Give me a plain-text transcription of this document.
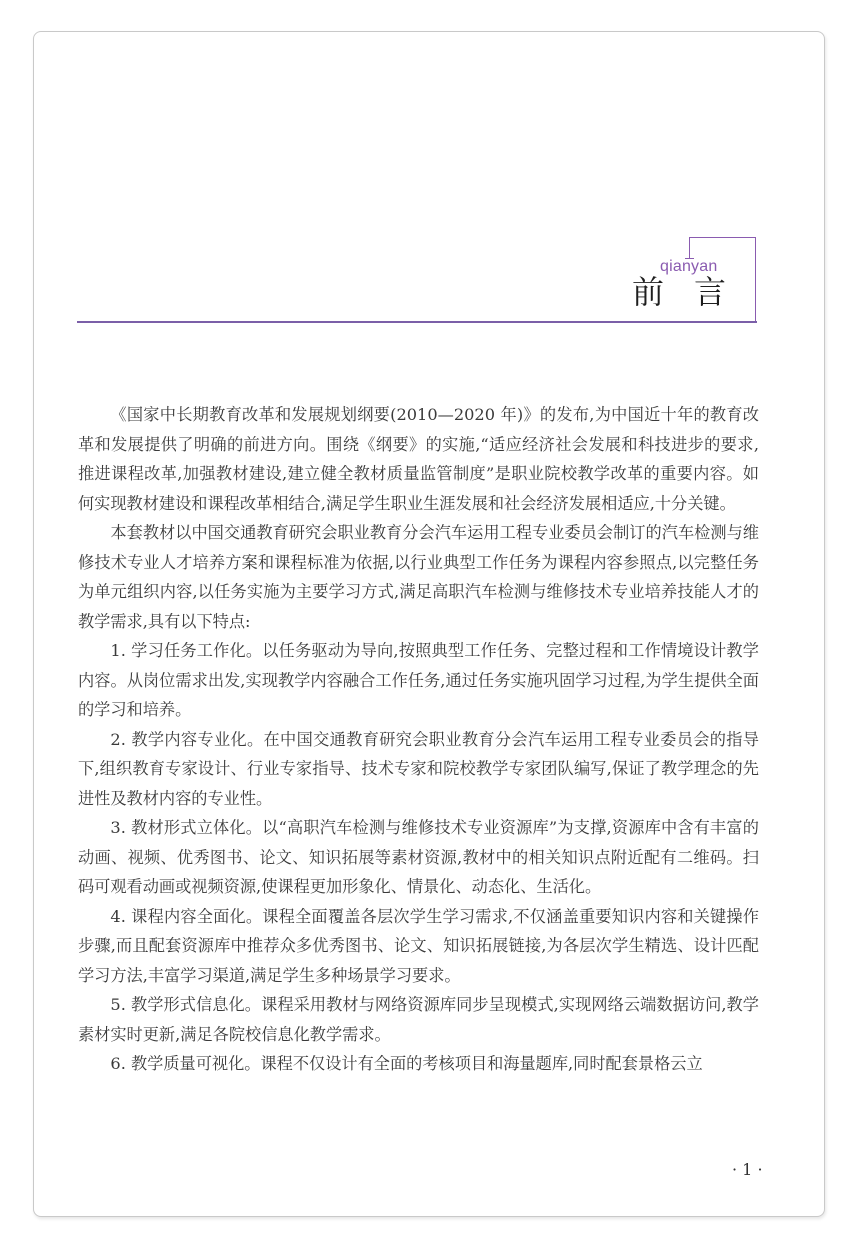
qianyan
前言

《国家中长期教育改革和发展规划纲要(2010—2020 年)》的发布,为中国近十年的教育改革和发展提供了明确的前进方向。围绕《纲要》的实施,“适应经济社会发展和科技进步的要求,推进课程改革,加强教材建设,建立健全教材质量监管制度”是职业院校教学改革的重要内容。如何实现教材建设和课程改革相结合,满足学生职业生涯发展和社会经济发展相适应,十分关键。

本套教材以中国交通教育研究会职业教育分会汽车运用工程专业委员会制订的汽车检测与维修技术专业人才培养方案和课程标准为依据,以行业典型工作任务为课程内容参照点,以完整任务为单元组织内容,以任务实施为主要学习方式,满足高职汽车检测与维修技术专业培养技能人才的教学需求,具有以下特点:

1. 学习任务工作化。以任务驱动为导向,按照典型工作任务、完整过程和工作情境设计教学内容。从岗位需求出发,实现教学内容融合工作任务,通过任务实施巩固学习过程,为学生提供全面的学习和培养。

2. 教学内容专业化。在中国交通教育研究会职业教育分会汽车运用工程专业委员会的指导下,组织教育专家设计、行业专家指导、技术专家和院校教学专家团队编写,保证了教学理念的先进性及教材内容的专业性。

3. 教材形式立体化。以“高职汽车检测与维修技术专业资源库”为支撑,资源库中含有丰富的动画、视频、优秀图书、论文、知识拓展等素材资源,教材中的相关知识点附近配有二维码。扫码可观看动画或视频资源,使课程更加形象化、情景化、动态化、生活化。

4. 课程内容全面化。课程全面覆盖各层次学生学习需求,不仅涵盖重要知识内容和关键操作步骤,而且配套资源库中推荐众多优秀图书、论文、知识拓展链接,为各层次学生精选、设计匹配学习方法,丰富学习渠道,满足学生多种场景学习要求。

5. 教学形式信息化。课程采用教材与网络资源库同步呈现模式,实现网络云端数据访问,教学素材实时更新,满足各院校信息化教学需求。

6. 教学质量可视化。课程不仅设计有全面的考核项目和海量题库,同时配套景格云立

· 1 ·
